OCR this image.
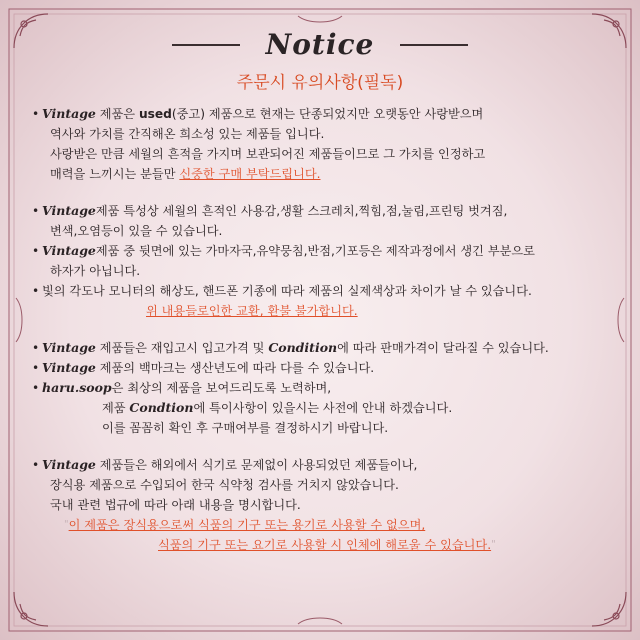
Notice
주문시 유의사항(필독)
• Vintage 제품은 used(중고) 제품으로 현재는 단종되었지만 오랫동안 사랑받으며
역사와 가치를 간직해온 희소성 있는 제품들 입니다.
사랑받은 만큼 세월의 흔적을 가지며 보관되어진 제품들이므로 그 가치를 인정하고
매력을 느끼시는 분들만 신중한 구매 부탁드립니다.
• Vintage제품 특성상 세월의 흔적인 사용감,생활 스크레치,찍힘,점,눌림,프린팅 벗겨짐,
변색,오염등이 있을 수 있습니다.
• Vintage제품 중 뒷면에 있는 가마자국,유약뭉침,반점,기포등은 제작과정에서 생긴 부분으로
하자가 아닙니다.
• 빛의 각도나 모니터의 해상도, 핸드폰 기종에 따라 제품의 실제색상과 차이가 날 수 있습니다.
위 내용들로인한 교환, 환불 불가합니다.
• Vintage 제품들은 재입고시 입고가격 및 Condition에 따라 판매가격이 달라질 수 있습니다.
• Vintage 제품의 백마크는 생산년도에 따라 다를 수 있습니다.
• haru.soop은 최상의 제품을 보여드리도록 노력하며,
제품 Condtion에 특이사항이 있을시는 사전에 안내 하겠습니다.
이를 꼼꼼히 확인 후 구매여부를 결정하시기 바랍니다.
• Vintage 제품들은 해외에서 식기로 문제없이 사용되었던 제품들이나,
장식용 제품으로 수입되어 한국 식약청 검사를 거치지 않았습니다.
국내 관련 법규에 따라 아래 내용을 명시합니다.
"이 제품은 장식용으로써 식품의 기구 또는 용기로 사용할 수 없으며,
식품의 기구 또는 요기로 사용할 시 인체에 해로울 수 있습니다."
